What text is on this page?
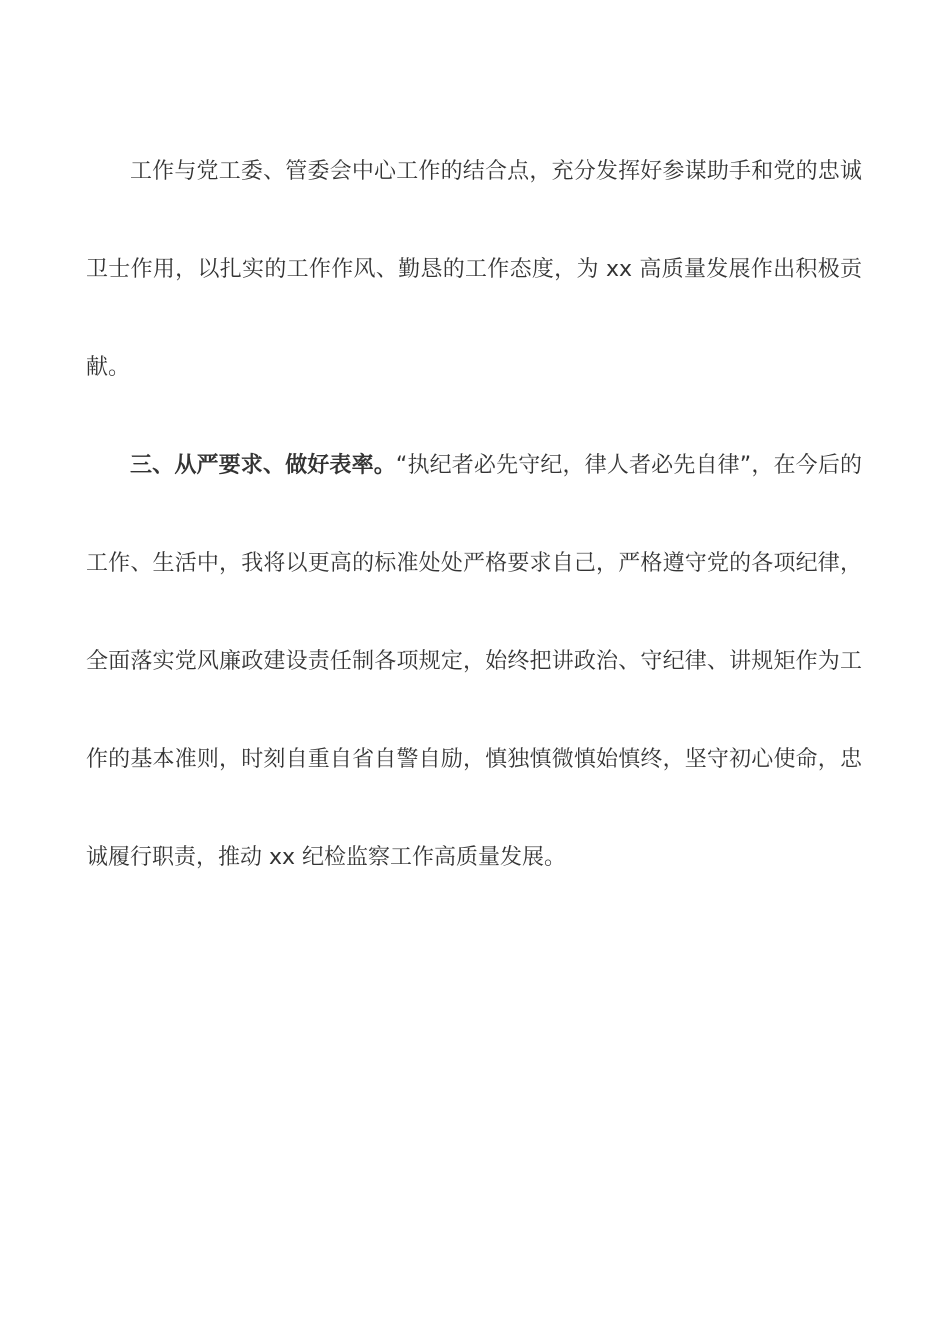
工作与党工委、管委会中心工作的结合点，充分发挥好参谋助手和党的忠诚卫士作用，以扎实的工作作风、勤恳的工作态度，为 xx 高质量发展作出积极贡献。

三、从严要求、做好表率。“执纪者必先守纪，律人者必先自律”，在今后的工作、生活中，我将以更高的标准处处严格要求自己，严格遵守党的各项纪律，全面落实党风廉政建设责任制各项规定，始终把讲政治、守纪律、讲规矩作为工作的基本准则，时刻自重自省自警自励，慎独慎微慎始慎终，坚守初心使命，忠诚履行职责，推动 xx 纪检监察工作高质量发展。
